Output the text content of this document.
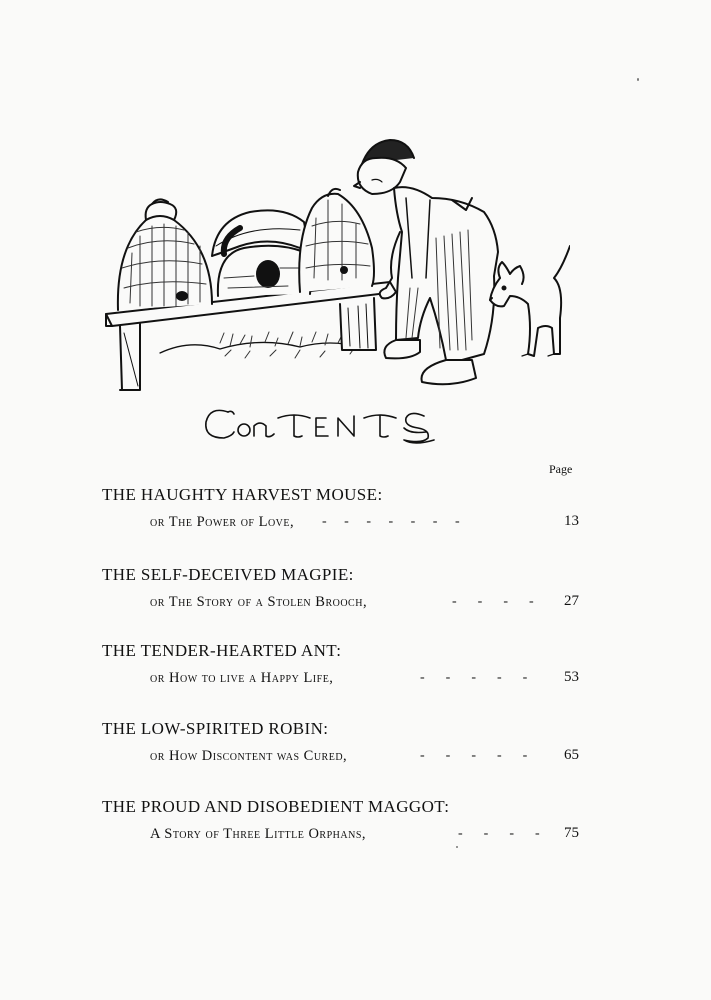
Page
THE HAUGHTY HARVEST MOUSE:
or The Power of Love, -     -     -     -     -     -     -	13
THE SELF-DECEIVED MAGPIE:
or The Story of a Stolen Brooch,	-      -      -      -	27
THE TENDER-HEARTED ANT:
or How to live a Happy Life,	-      -      -      -      -	53
THE LOW-SPIRITED ROBIN:
or How Discontent was Cured,	-      -      -      -      -	65
THE PROUD AND DISOBEDIENT MAGGOT:
A Story of Three Little Orphans,	-      -      -      -	75
